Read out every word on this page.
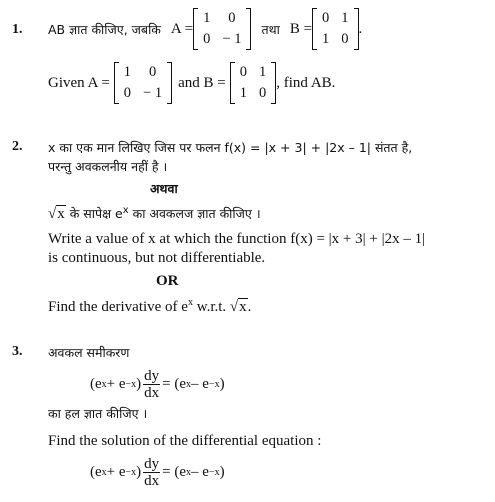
1. AB ज्ञात कीजिए, जबकि A =
1	0
0	− 1
तथा B =
0	1
1	0
.
Given A =
1	0
0	− 1
and B =
0	1
1	0
, find AB.
2. x का एक मान लिखिए जिस पर फलन f(x) = |x + 3| + |2x – 1| संतत है,
परन्तु अवकलनीय नहीं है ।
अथवा
√x के सापेक्ष $e^x$ का अवकलज ज्ञात कीजिए ।
Write a value of x at which the function f(x) = |x + 3| + |2x – 1|
is continuous, but not differentiable.
OR
Find the derivative of $e^x$ w.r.t. √x.
3. अवकल समीकरण
(e x + e −x ) $\frac{dy}{dx} = (e$ x – e −x )
का हल ज्ञात कीजिए ।
Find the solution of the differential equation :
(e x + e −x ) $\frac{dy}{dx} = (e$ x – e −x )
